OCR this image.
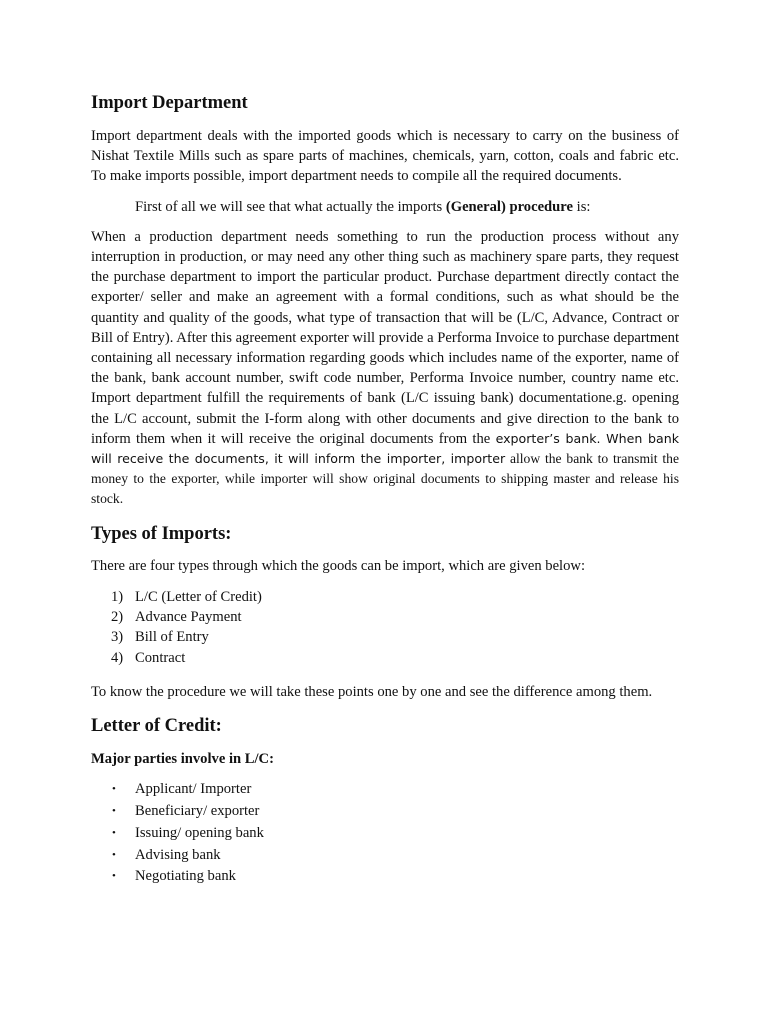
Import Department

Import department deals with the imported goods which is necessary to carry on the business of Nishat Textile Mills such as spare parts of machines, chemicals, yarn, cotton, coals and fabric etc. To make imports possible, import department needs to compile all the required documents.

First of all we will see that what actually the imports (General) procedure is:

When a production department needs something to run the production process without any interruption in production, or may need any other thing such as machinery spare parts, they request the purchase department to import the particular product. Purchase department directly contact the exporter/ seller and make an agreement with a formal conditions, such as what should be the quantity and quality of the goods, what type of transaction that will be (L/C, Advance, Contract or Bill of Entry). After this agreement exporter will provide a Performa Invoice to purchase department containing all necessary information regarding goods which includes name of the exporter, name of the bank, bank account number, swift code number, Performa Invoice number, country name etc. Import department fulfill the requirements of bank (L/C issuing bank) documentatione.g. opening the L/C account, submit the I-form along with other documents and give direction to the bank to inform them when it will receive the original documents from the exporter’s bank. When bank will receive the documents, it will inform the importer, importer allow the bank to transmit the money to the exporter, while importer will show original documents to shipping master and release his stock.

Types of Imports:

There are four types through which the goods can be import, which are given below:

1) L/C (Letter of Credit)
2) Advance Payment
3) Bill of Entry
4) Contract

To know the procedure we will take these points one by one and see the difference among them.

Letter of Credit:

Major parties involve in L/C:

• Applicant/ Importer
• Beneficiary/ exporter
• Issuing/ opening bank
• Advising bank
• Negotiating bank
